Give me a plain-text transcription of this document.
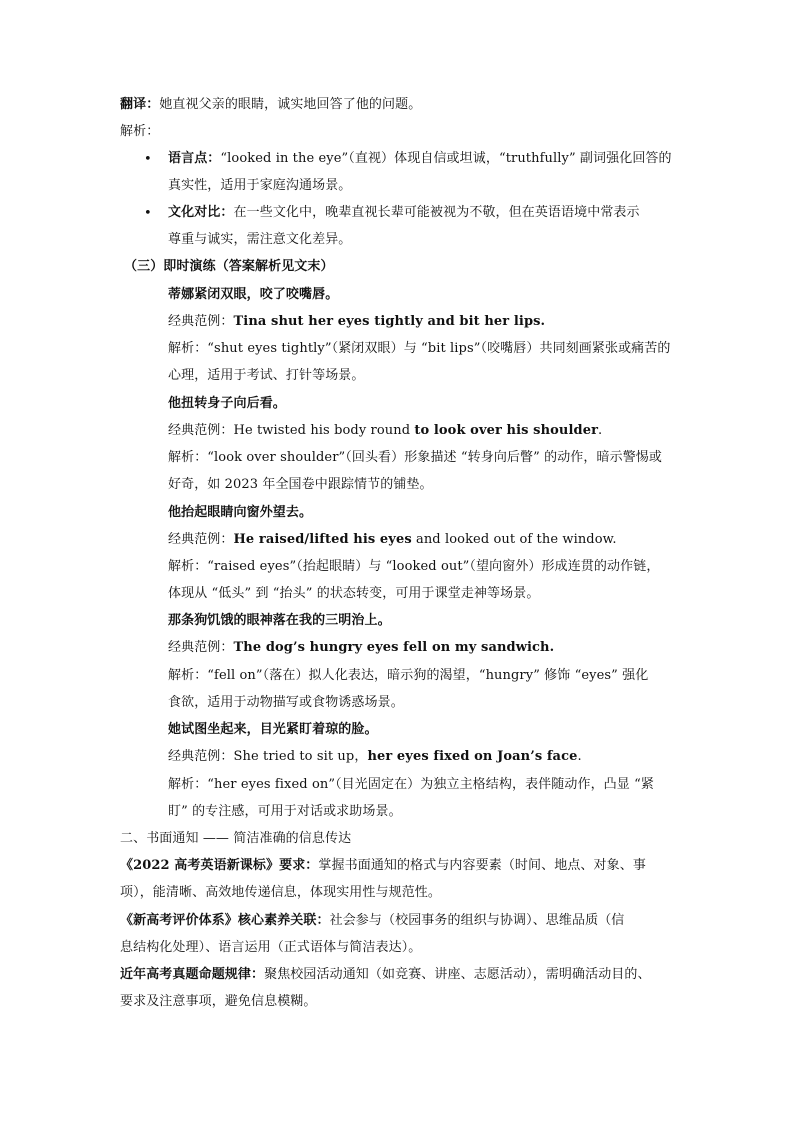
翻译：她直视父亲的眼睛，诚实地回答了他的问题。
解析：
• 语言点：“looked in the eye”（直视）体现自信或坦诚，“truthfully” 副词强化回答的
真实性，适用于家庭沟通场景。
• 文化对比：在一些文化中，晚辈直视长辈可能被视为不敬，但在英语语境中常表示
尊重与诚实，需注意文化差异。
（三）即时演练（答案解析见文末）
蒂娜紧闭双眼，咬了咬嘴唇。
经典范例：Tina shut her eyes tightly and bit her lips.
解析：“shut eyes tightly”（紧闭双眼）与 “bit lips”（咬嘴唇）共同刻画紧张或痛苦的
心理，适用于考试、打针等场景。
他扭转身子向后看。
经典范例：He twisted his body round to look over his shoulder.
解析：“look over shoulder”（回头看）形象描述 “转身向后瞥” 的动作，暗示警惕或
好奇，如 2023 年全国卷中跟踪情节的铺垫。
他抬起眼睛向窗外望去。
经典范例：He raised/lifted his eyes and looked out of the window.
解析：“raised eyes”（抬起眼睛）与 “looked out”（望向窗外）形成连贯的动作链，
体现从 “低头” 到 “抬头” 的状态转变，可用于课堂走神等场景。
那条狗饥饿的眼神落在我的三明治上。
经典范例：The dog’s hungry eyes fell on my sandwich.
解析：“fell on”（落在）拟人化表达，暗示狗的渴望，“hungry” 修饰 “eyes” 强化
食欲，适用于动物描写或食物诱惑场景。
她试图坐起来，目光紧盯着琼的脸。
经典范例：She tried to sit up，her eyes fixed on Joan’s face.
解析：“her eyes fixed on”（目光固定在）为独立主格结构，表伴随动作，凸显 “紧
盯” 的专注感，可用于对话或求助场景。
二、书面通知 —— 简洁准确的信息传达
《2022 高考英语新课标》要求：掌握书面通知的格式与内容要素（时间、地点、对象、事
项），能清晰、高效地传递信息，体现实用性与规范性。
《新高考评价体系》核心素养关联：社会参与（校园事务的组织与协调）、思维品质（信
息结构化处理）、语言运用（正式语体与简洁表达）。
近年高考真题命题规律：聚焦校园活动通知（如竞赛、讲座、志愿活动），需明确活动目的、
要求及注意事项，避免信息模糊。
